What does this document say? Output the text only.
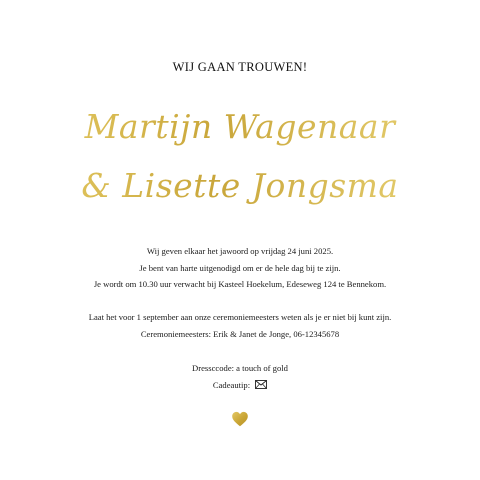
WIJ GAAN TROUWEN!
Martijn Wagenaar
& Lisette Jongsma
Wij geven elkaar het jawoord op vrijdag 24 juni 2025.
Je bent van harte uitgenodigd om er de hele dag bij te zijn.
Je wordt om 10.30 uur verwacht bij Kasteel Hoekelum, Edeseweg 124 te Bennekom.
Laat het voor 1 september aan onze ceremoniemeesters weten als je er niet bij kunt zijn.
Ceremoniemeesters: Erik & Janet de Jonge, 06-12345678
Dressccode: a touch of gold
Cadeautip:
